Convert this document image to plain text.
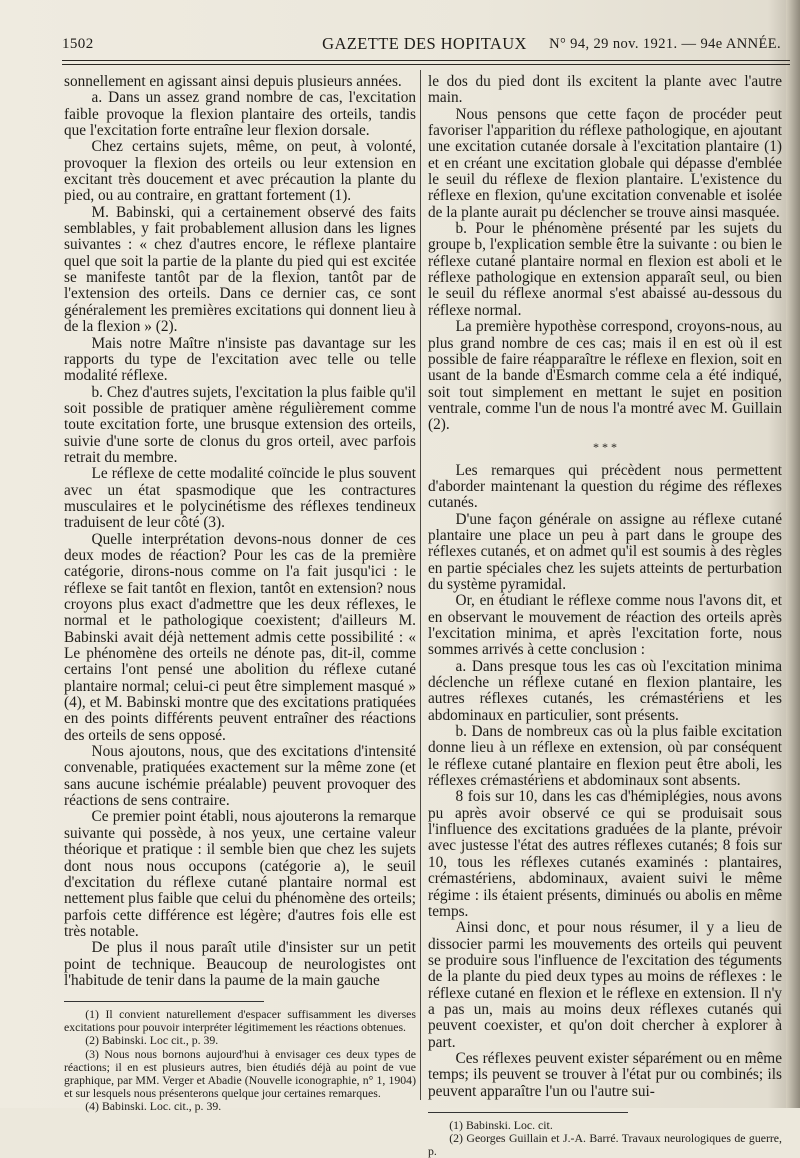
1502	GAZETTE DES HOPITAUX	N° 94, 29 nov. 1921. — 94e ANNÉE.

sonnellement en agissant ainsi depuis plusieurs années.

a. Dans un assez grand nombre de cas, l'excitation faible provoque la flexion plantaire des orteils, tandis que l'excitation forte entraîne leur flexion dorsale.

Chez certains sujets, même, on peut, à volonté, provoquer la flexion des orteils ou leur extension en excitant très doucement et avec précaution la plante du pied, ou au contraire, en grattant fortement (1).

M. Babinski, qui a certainement observé des faits semblables, y fait probablement allusion dans les lignes suivantes : « chez d'autres encore, le réflexe plantaire quel que soit la partie de la plante du pied qui est excitée se manifeste tantôt par de la flexion, tantôt par de l'extension des orteils. Dans ce dernier cas, ce sont généralement les premières excitations qui donnent lieu à de la flexion » (2).

Mais notre Maître n'insiste pas davantage sur les rapports du type de l'excitation avec telle ou telle modalité réflexe.

b. Chez d'autres sujets, l'excitation la plus faible qu'il soit possible de pratiquer amène régulièrement comme toute excitation forte, une brusque extension des orteils, suivie d'une sorte de clonus du gros orteil, avec parfois retrait du membre.

Le réflexe de cette modalité coïncide le plus souvent avec un état spasmodique que les contractures musculaires et le polycinétisme des réflexes tendineux traduisent de leur côté (3).

Quelle interprétation devons-nous donner de ces deux modes de réaction? Pour les cas de la première catégorie, dirons-nous comme on l'a fait jusqu'ici : le réflexe se fait tantôt en flexion, tantôt en extension? nous croyons plus exact d'admettre que les deux réflexes, le normal et le pathologique coexistent; d'ailleurs M. Babinski avait déjà nettement admis cette possibilité : « Le phénomène des orteils ne dénote pas, dit-il, comme certains l'ont pensé une abolition du réflexe cutané plantaire normal; celui-ci peut être simplement masqué » (4), et M. Babinski montre que des excitations pratiquées en des points différents peuvent entraîner des réactions des orteils de sens opposé.

Nous ajoutons, nous, que des excitations d'intensité convenable, pratiquées exactement sur la même zone (et sans aucune ischémie préalable) peuvent provoquer des réactions de sens contraire.

Ce premier point établi, nous ajouterons la remarque suivante qui possède, à nos yeux, une certaine valeur théorique et pratique : il semble bien que chez les sujets dont nous nous occupons (catégorie a), le seuil d'excitation du réflexe cutané plantaire normal est nettement plus faible que celui du phénomène des orteils; parfois cette différence est légère; d'autres fois elle est très notable.

De plus il nous paraît utile d'insister sur un petit point de technique. Beaucoup de neurologistes ont l'habitude de tenir dans la paume de la main gauche

(1) Il convient naturellement d'espacer suffisamment les diverses excitations pour pouvoir interpréter légitimement les réactions obtenues.

(2) Babinski. Loc cit., p. 39.

(3) Nous nous bornons aujourd'hui à envisager ces deux types de réactions; il en est plusieurs autres, bien étudiés déjà au point de vue graphique, par MM. Verger et Abadie (Nouvelle iconographie, n° 1, 1904) et sur lesquels nous présenterons quelque jour certaines remarques.

(4) Babinski. Loc. cit., p. 39.

le dos du pied dont ils excitent la plante avec l'autre main.

Nous pensons que cette façon de procéder peut favoriser l'apparition du réflexe pathologique, en ajoutant une excitation cutanée dorsale à l'excitation plantaire (1) et en créant une excitation globale qui dépasse d'emblée le seuil du réflexe de flexion plantaire. L'existence du réflexe en flexion, qu'une excitation convenable et isolée de la plante aurait pu déclencher se trouve ainsi masquée.

b. Pour le phénomène présenté par les sujets du groupe b, l'explication semble être la suivante : ou bien le réflexe cutané plantaire normal en flexion est aboli et le réflexe pathologique en extension apparaît seul, ou bien le seuil du réflexe anormal s'est abaissé au-dessous du réflexe normal.

La première hypothèse correspond, croyons-nous, au plus grand nombre de ces cas; mais il en est où il est possible de faire réapparaître le réflexe en flexion, soit en usant de la bande d'Esmarch comme cela a été indiqué, soit tout simplement en mettant le sujet en position ventrale, comme l'un de nous l'a montré avec M. Guillain (2).

* * *

Les remarques qui précèdent nous permettent d'aborder maintenant la question du régime des réflexes cutanés.

D'une façon générale on assigne au réflexe cutané plantaire une place un peu à part dans le groupe des réflexes cutanés, et on admet qu'il est soumis à des règles en partie spéciales chez les sujets atteints de perturbation du système pyramidal.

Or, en étudiant le réflexe comme nous l'avons dit, et en observant le mouvement de réaction des orteils après l'excitation minima, et après l'excitation forte, nous sommes arrivés à cette conclusion :

a. Dans presque tous les cas où l'excitation minima déclenche un réflexe cutané en flexion plantaire, les autres réflexes cutanés, les crémastériens et les abdominaux en particulier, sont présents.

b. Dans de nombreux cas où la plus faible excitation donne lieu à un réflexe en extension, où par conséquent le réflexe cutané plantaire en flexion peut être aboli, les réflexes crémastériens et abdominaux sont absents.

8 fois sur 10, dans les cas d'hémiplégies, nous avons pu après avoir observé ce qui se produisait sous l'influence des excitations graduées de la plante, prévoir avec justesse l'état des autres réflexes cutanés; 8 fois sur 10, tous les réflexes cutanés examinés : plantaires, crémastériens, abdominaux, avaient suivi le même régime : ils étaient présents, diminués ou abolis en même temps.

Ainsi donc, et pour nous résumer, il y a lieu de dissocier parmi les mouvements des orteils qui peuvent se produire sous l'influence de l'excitation des téguments de la plante du pied deux types au moins de réflexes : le réflexe cutané en flexion et le réflexe en extension. Il n'y a pas un, mais au moins deux réflexes cutanés qui peuvent coexister, et qu'on doit chercher à explorer à part.

Ces réflexes peuvent exister séparément ou en même temps; ils peuvent se trouver à l'état pur ou combinés; ils peuvent apparaître l'un ou l'autre sui-

(1) Babinski. Loc. cit.

(2) Georges Guillain et J.-A. Barré. Travaux neurologiques de guerre, p.
